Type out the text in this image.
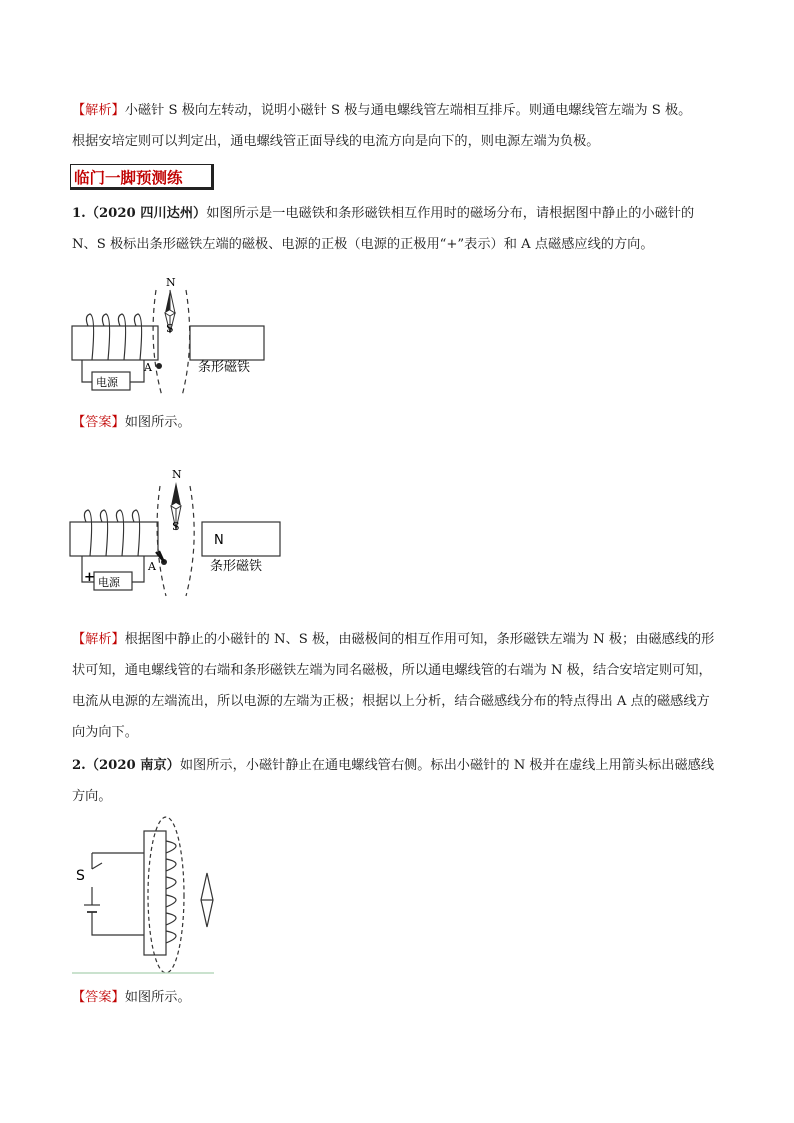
【解析】小磁针 S 极向左转动，说明小磁针 S 极与通电螺线管左端相互排斥。则通电螺线管左端为 S 极。

根据安培定则可以判定出，通电螺线管正面导线的电流方向是向下的，则电源左端为负极。

临门一脚预测练

1.（2020 四川达州）如图所示是一电磁铁和条形磁铁相互作用时的磁场分布，请根据图中静止的小磁针的

N、S 极标出条形磁铁左端的磁极、电源的正极（电源的正极用“+”表示）和 A 点磁感应线的方向。

N
S
A
电源
条形磁铁

【答案】如图所示。

N
S
A
电源
+
N
条形磁铁

【解析】根据图中静止的小磁针的 N、S 极，由磁极间的相互作用可知，条形磁铁左端为 N 极；由磁感线的形

状可知，通电螺线管的右端和条形磁铁左端为同名磁极，所以通电螺线管的右端为 N 极，结合安培定则可知，

电流从电源的左端流出，所以电源的左端为正极；根据以上分析，结合磁感线分布的特点得出 A 点的磁感线方

向为向下。

2.（2020 南京）如图所示，小磁针静止在通电螺线管右侧。标出小磁针的 N 极并在虚线上用箭头标出磁感线

方向。

S

【答案】如图所示。
